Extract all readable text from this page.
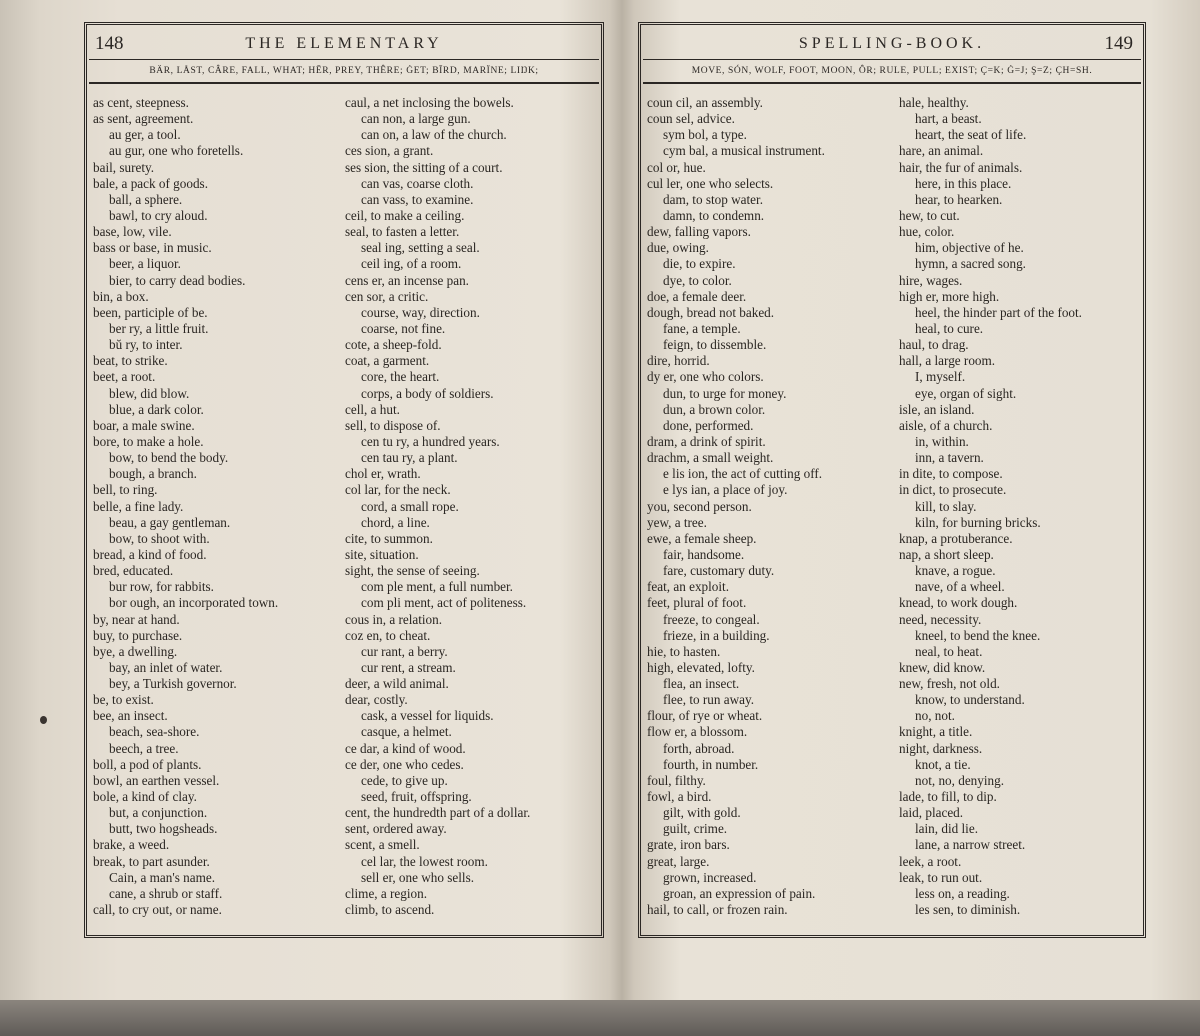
148	THE ELEMENTARY
BÄR, LÅST, CÂRE, FALL, WHAT; HĒR, PREY, THÊRE; ĠET; BĪRD, MARÏNE; LIŊK;
as cent, steepness.
as sent, agreement.
au ger, a tool.
au gur, one who foretells.
bail, surety.
bale, a pack of goods.
ball, a sphere.
bawl, to cry aloud.
base, low, vile.
bass or base, in music.
beer, a liquor.
bier, to carry dead bodies.
bin, a box.
been, participle of be.
ber ry, a little fruit.
bŭ ry, to inter.
beat, to strike.
beet, a root.
blew, did blow.
blue, a dark color.
boar, a male swine.
bore, to make a hole.
bow, to bend the body.
bough, a branch.
bell, to ring.
belle, a fine lady.
beau, a gay gentleman.
bow, to shoot with.
bread, a kind of food.
bred, educated.
bur row, for rabbits.
bor ough, an incorporated town.
by, near at hand.
buy, to purchase.
bye, a dwelling.
bay, an inlet of water.
bey, a Turkish governor.
be, to exist.
bee, an insect.
beach, sea-shore.
beech, a tree.
boll, a pod of plants.
bowl, an earthen vessel.
bole, a kind of clay.
but, a conjunction.
butt, two hogsheads.
brake, a weed.
break, to part asunder.
Cain, a man's name.
cane, a shrub or staff.
call, to cry out, or name.
caul, a net inclosing the bowels.
can non, a large gun.
can on, a law of the church.
ces sion, a grant.
ses sion, the sitting of a court.
can vas, coarse cloth.
can vass, to examine.
ceil, to make a ceiling.
seal, to fasten a letter.
seal ing, setting a seal.
ceil ing, of a room.
cens er, an incense pan.
cen sor, a critic.
course, way, direction.
coarse, not fine.
cote, a sheep-fold.
coat, a garment.
core, the heart.
corps, a body of soldiers.
cell, a hut.
sell, to dispose of.
cen tu ry, a hundred years.
cen tau ry, a plant.
chol er, wrath.
col lar, for the neck.
cord, a small rope.
chord, a line.
cite, to summon.
site, situation.
sight, the sense of seeing.
com ple ment, a full number.
com pli ment, act of politeness.
cous in, a relation.
coz en, to cheat.
cur rant, a berry.
cur rent, a stream.
deer, a wild animal.
dear, costly.
cask, a vessel for liquids.
casque, a helmet.
ce dar, a kind of wood.
ce der, one who cedes.
cede, to give up.
seed, fruit, offspring.
cent, the hundredth part of a dollar.
sent, ordered away.
scent, a smell.
cel lar, the lowest room.
sell er, one who sells.
clime, a region.
climb, to ascend.
SPELLING-BOOK.	149
MOVE, SÓN, WOLF, FOOT, MOON, ÔR; RULE, PULL; EXIST; Ç=K; Ġ=J; Ş=Z; ÇH=SH.
coun cil, an assembly.
coun sel, advice.
sym bol, a type.
cym bal, a musical instrument.
col or, hue.
cul ler, one who selects.
dam, to stop water.
damn, to condemn.
dew, falling vapors.
due, owing.
die, to expire.
dye, to color.
doe, a female deer.
dough, bread not baked.
fane, a temple.
feign, to dissemble.
dire, horrid.
dy er, one who colors.
dun, to urge for money.
dun, a brown color.
done, performed.
dram, a drink of spirit.
drachm, a small weight.
e lis ion, the act of cutting off.
e lys ian, a place of joy.
you, second person.
yew, a tree.
ewe, a female sheep.
fair, handsome.
fare, customary duty.
feat, an exploit.
feet, plural of foot.
freeze, to congeal.
frieze, in a building.
hie, to hasten.
high, elevated, lofty.
flea, an insect.
flee, to run away.
flour, of rye or wheat.
flow er, a blossom.
forth, abroad.
fourth, in number.
foul, filthy.
fowl, a bird.
gilt, with gold.
guilt, crime.
grate, iron bars.
great, large.
grown, increased.
groan, an expression of pain.
hail, to call, or frozen rain.
hale, healthy.
hart, a beast.
heart, the seat of life.
hare, an animal.
hair, the fur of animals.
here, in this place.
hear, to hearken.
hew, to cut.
hue, color.
him, objective of he.
hymn, a sacred song.
hire, wages.
high er, more high.
heel, the hinder part of the foot.
heal, to cure.
haul, to drag.
hall, a large room.
I, myself.
eye, organ of sight.
isle, an island.
aisle, of a church.
in, within.
inn, a tavern.
in dite, to compose.
in dict, to prosecute.
kill, to slay.
kiln, for burning bricks.
knap, a protuberance.
nap, a short sleep.
knave, a rogue.
nave, of a wheel.
knead, to work dough.
need, necessity.
kneel, to bend the knee.
neal, to heat.
knew, did know.
new, fresh, not old.
know, to understand.
no, not.
knight, a title.
night, darkness.
knot, a tie.
not, no, denying.
lade, to fill, to dip.
laid, placed.
lain, did lie.
lane, a narrow street.
leek, a root.
leak, to run out.
less on, a reading.
les sen, to diminish.
